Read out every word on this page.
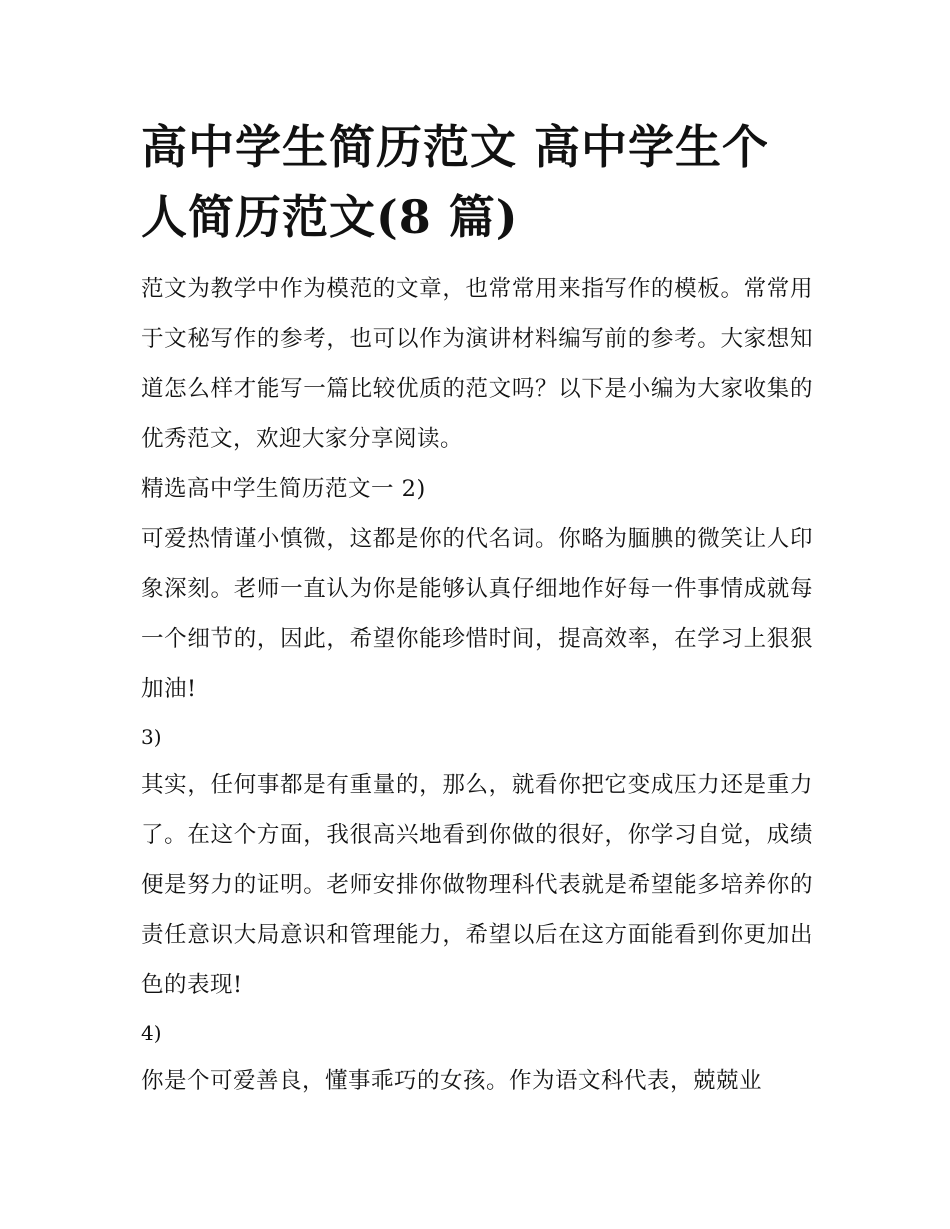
高中学生简历范文 高中学生个
人简历范文(8 篇)

范文为教学中作为模范的文章，也常常用来指写作的模板。常常用于文秘写作的参考，也可以作为演讲材料编写前的参考。大家想知道怎么样才能写一篇比较优质的范文吗？以下是小编为大家收集的优秀范文，欢迎大家分享阅读。

精选高中学生简历范文一 2)

可爱热情谨小慎微，这都是你的代名词。你略为腼腆的微笑让人印象深刻。老师一直认为你是能够认真仔细地作好每一件事情成就每一个细节的，因此，希望你能珍惜时间，提高效率，在学习上狠狠加油!

3)

其实，任何事都是有重量的，那么，就看你把它变成压力还是重力了。在这个方面，我很高兴地看到你做的很好，你学习自觉，成绩便是努力的证明。老师安排你做物理科代表就是希望能多培养你的责任意识大局意识和管理能力，希望以后在这方面能看到你更加出色的表现!

4)

你是个可爱善良，懂事乖巧的女孩。作为语文科代表，兢兢业
